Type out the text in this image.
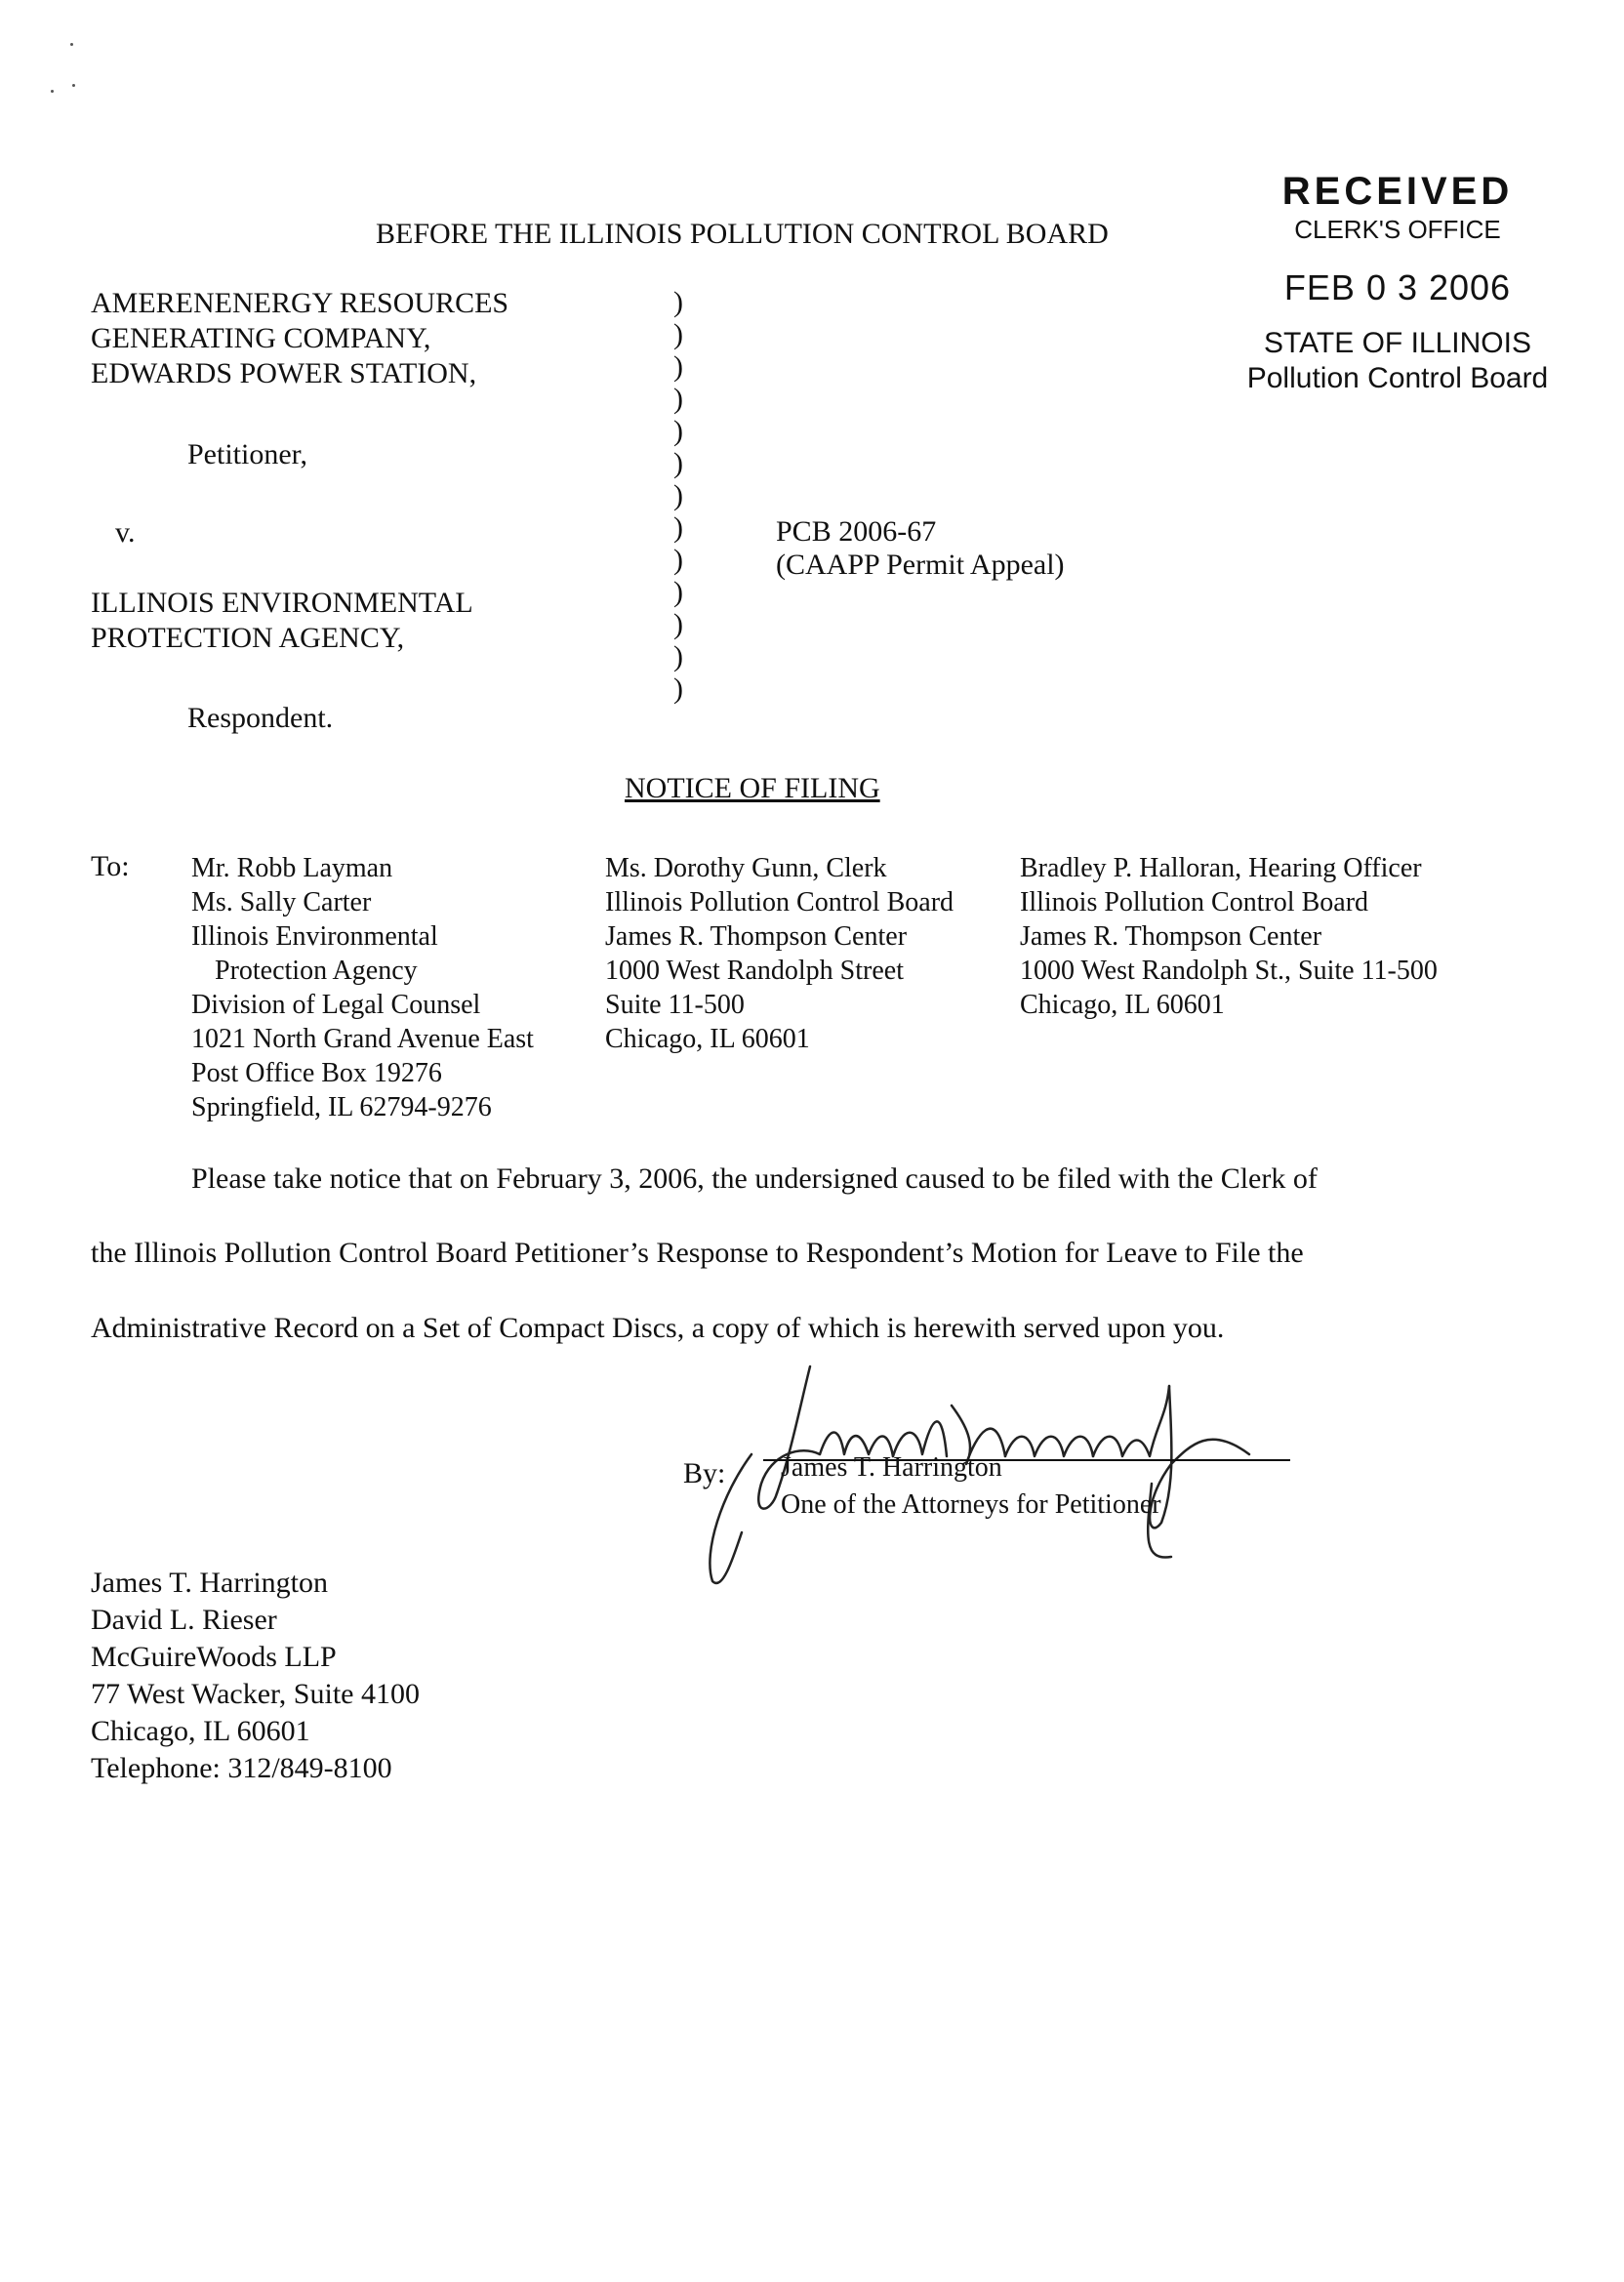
BEFORE THE ILLINOIS POLLUTION CONTROL BOARD
RECEIVED
CLERK'S OFFICE
FEB 0 3 2006
STATE OF ILLINOIS
Pollution Control Board
AMERENENERGY RESOURCES
GENERATING COMPANY,
EDWARDS POWER STATION,
Petitioner,
v.
ILLINOIS ENVIRONMENTAL
PROTECTION AGENCY,
Respondent.
)
)
)
)
)
)
)
)
)
)
)
)
)
PCB 2006-67
(CAAPP Permit Appeal)
NOTICE OF FILING
To: Mr. Robb Layman
Ms. Sally Carter
Illinois Environmental
Protection Agency
Division of Legal Counsel
1021 North Grand Avenue East
Post Office Box 19276
Springfield, IL 62794-9276
Ms. Dorothy Gunn, Clerk
Illinois Pollution Control Board
James R. Thompson Center
1000 West Randolph Street
Suite 11-500
Chicago, IL 60601
Bradley P. Halloran, Hearing Officer
Illinois Pollution Control Board
James R. Thompson Center
1000 West Randolph St., Suite 11-500
Chicago, IL 60601
Please take notice that on February 3, 2006, the undersigned caused to be filed with the Clerk of
the Illinois Pollution Control Board Petitioner’s Response to Respondent’s Motion for Leave to File the
Administrative Record on a Set of Compact Discs, a copy of which is herewith served upon you.
By: James T. Harrington
One of the Attorneys for Petitioner
James T. Harrington
David L. Rieser
McGuireWoods LLP
77 West Wacker, Suite 4100
Chicago, IL 60601
Telephone: 312/849-8100
